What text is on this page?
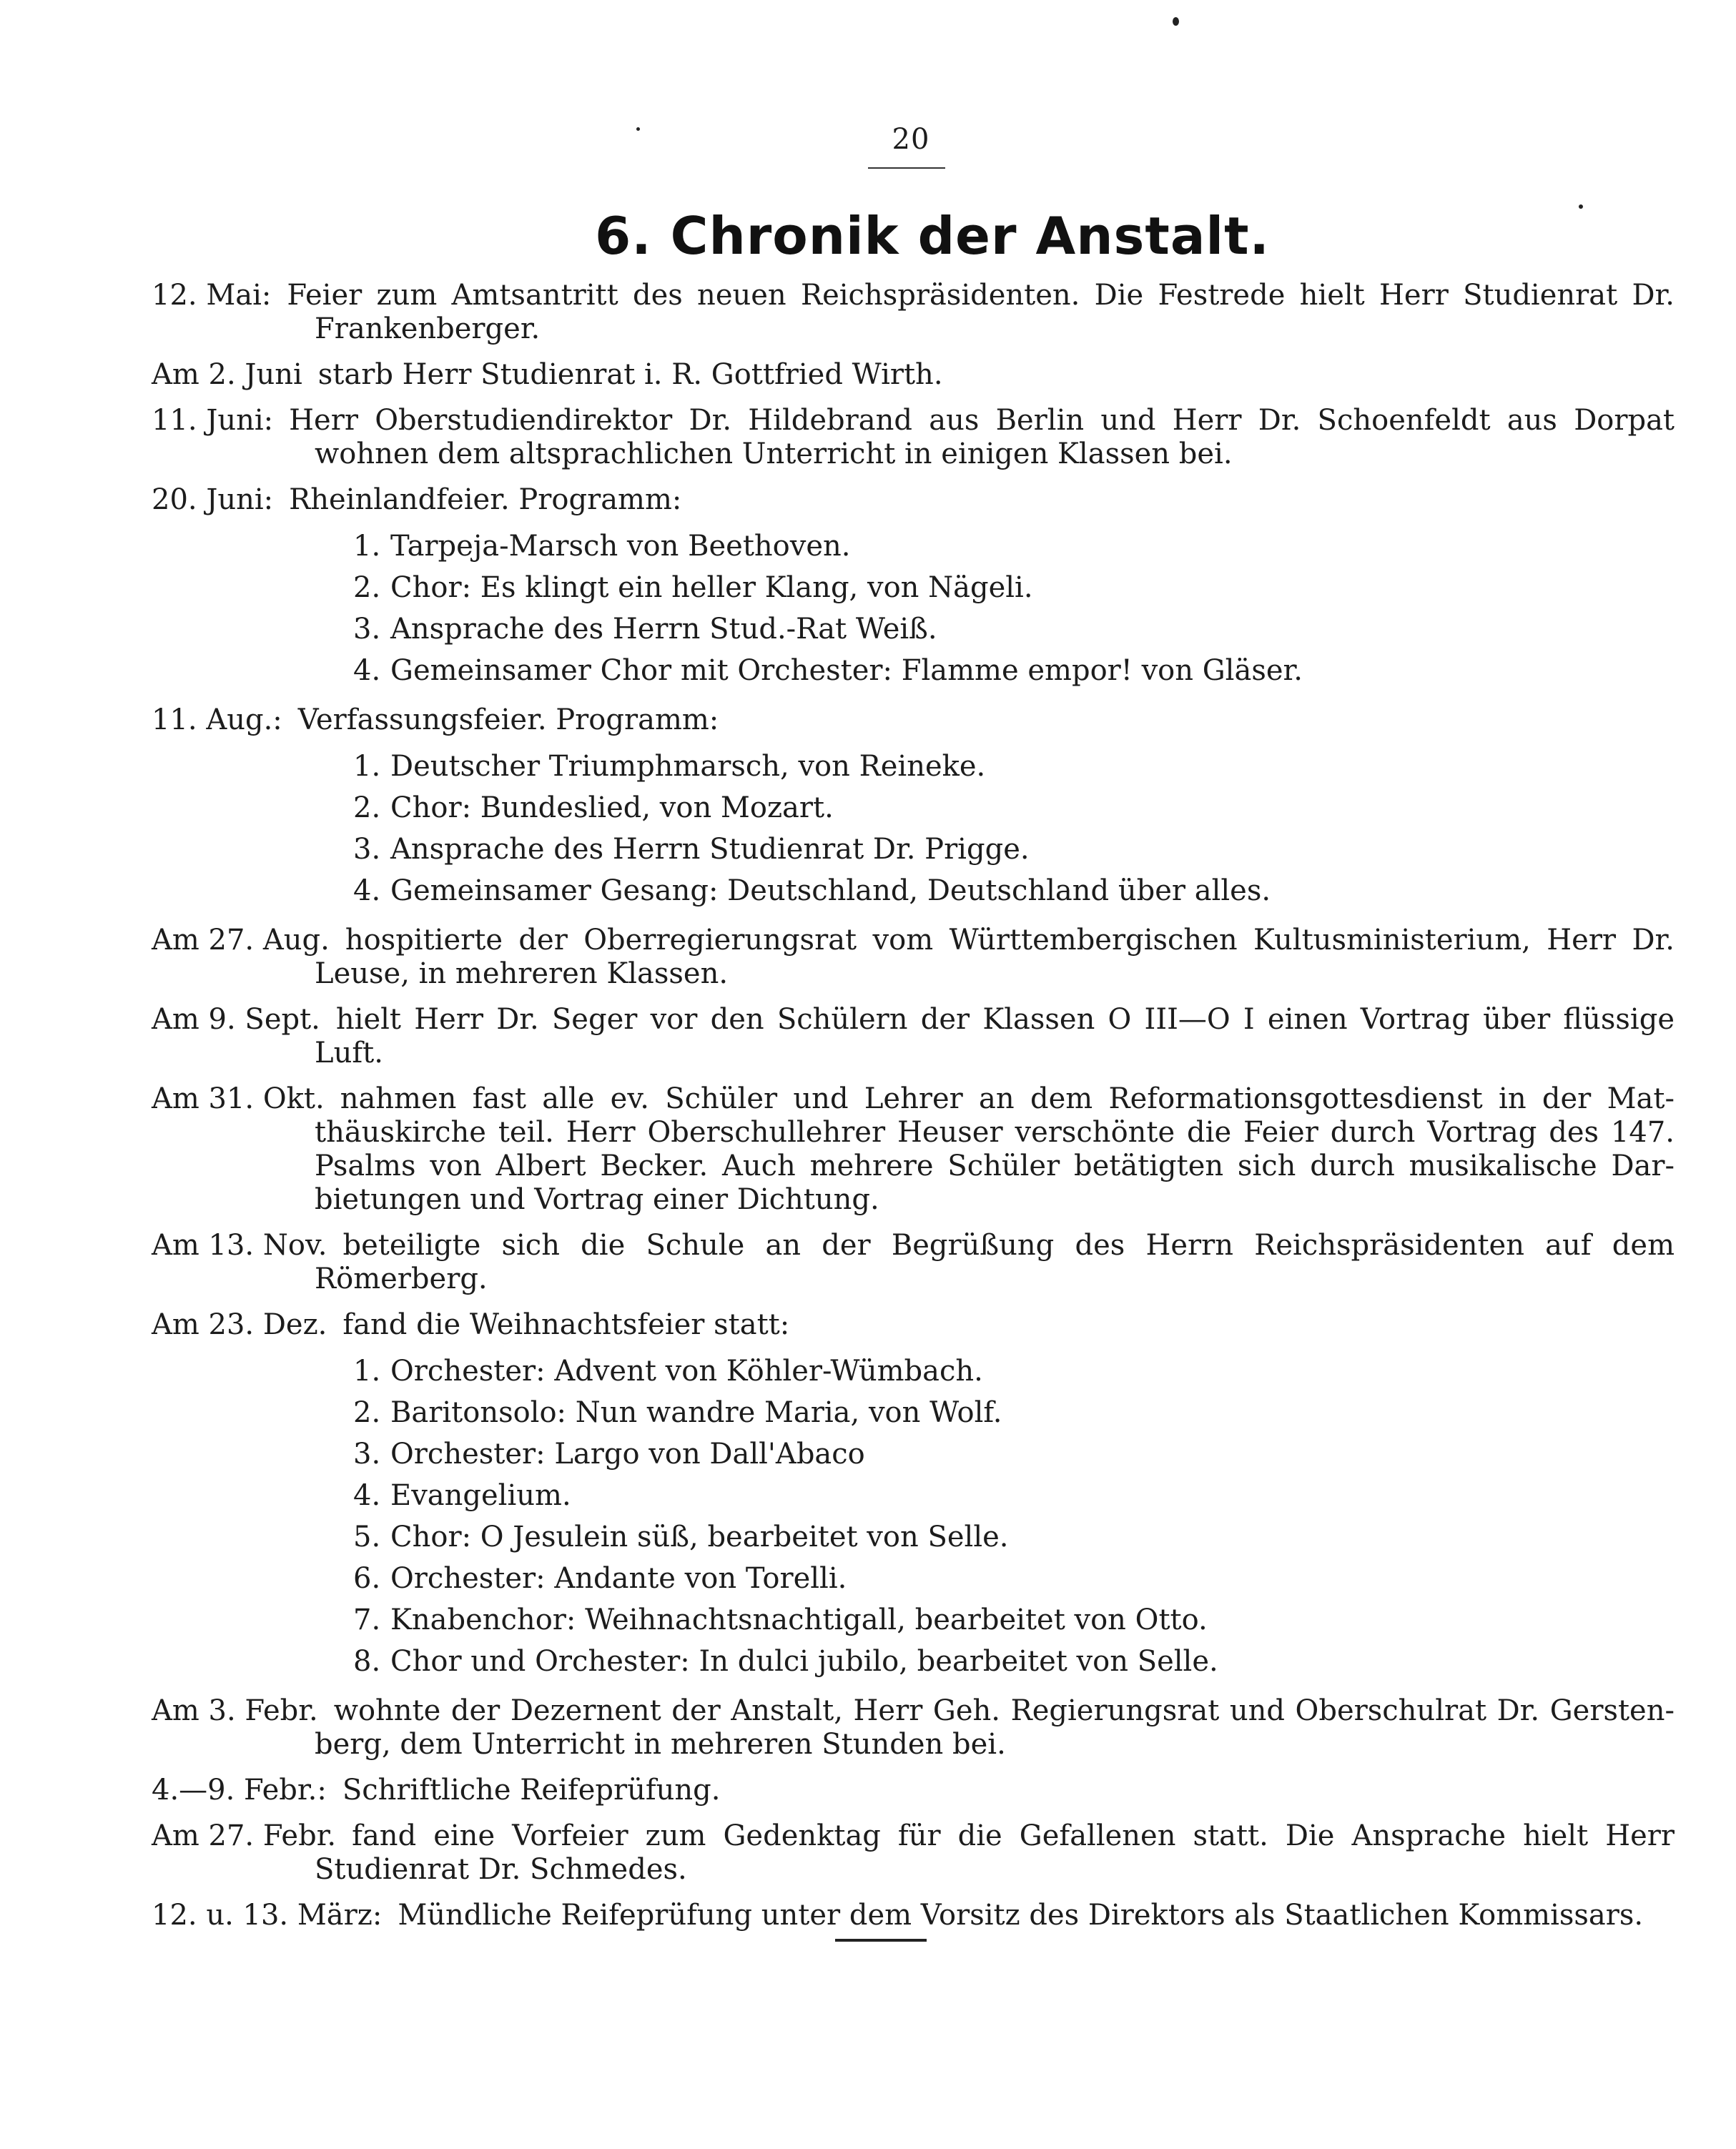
20
6. Chronik der Anstalt.
12. Mai: Feier zum Amtsantritt des neuen Reichspräsidenten. Die Festrede hielt Herr Studienrat Dr.
Frankenberger.
Am 2. Juni starb Herr Studienrat i. R. Gottfried Wirth.
11. Juni: Herr Oberstudiendirektor Dr. Hildebrand aus Berlin und Herr Dr. Schoenfeldt aus Dorpat
wohnen dem altsprachlichen Unterricht in einigen Klassen bei.
20. Juni: Rheinlandfeier. Programm:
1. Tarpeja-Marsch von Beethoven.
2. Chor: Es klingt ein heller Klang, von Nägeli.
3. Ansprache des Herrn Stud.-Rat Weiß.
4. Gemeinsamer Chor mit Orchester: Flamme empor! von Gläser.
11. Aug.: Verfassungsfeier. Programm:
1. Deutscher Triumphmarsch, von Reineke.
2. Chor: Bundeslied, von Mozart.
3. Ansprache des Herrn Studienrat Dr. Prigge.
4. Gemeinsamer Gesang: Deutschland, Deutschland über alles.
Am 27. Aug. hospitierte der Oberregierungsrat vom Württembergischen Kultusministerium, Herr Dr.
Leuse, in mehreren Klassen.
Am 9. Sept. hielt Herr Dr. Seger vor den Schülern der Klassen O III—O I einen Vortrag über flüssige
Luft.
Am 31. Okt. nahmen fast alle ev. Schüler und Lehrer an dem Reformationsgottesdienst in der Mat-
thäuskirche teil. Herr Oberschullehrer Heuser verschönte die Feier durch Vortrag des 147. Psalms von Albert Becker. Auch mehrere Schüler betätigten sich durch musikalische Dar-bietungen und Vortrag einer Dichtung.
Am 13. Nov. beteiligte sich die Schule an der Begrüßung des Herrn Reichspräsidenten auf dem
Römerberg.
Am 23. Dez. fand die Weihnachtsfeier statt:
1. Orchester: Advent von Köhler-Wümbach.
2. Baritonsolo: Nun wandre Maria, von Wolf.
3. Orchester: Largo von Dall'Abaco
4. Evangelium.
5. Chor: O Jesulein süß, bearbeitet von Selle.
6. Orchester: Andante von Torelli.
7. Knabenchor: Weihnachtsnachtigall, bearbeitet von Otto.
8. Chor und Orchester: In dulci jubilo, bearbeitet von Selle.
Am 3. Febr. wohnte der Dezernent der Anstalt, Herr Geh. Regierungsrat und Oberschulrat Dr. Gersten-
berg, dem Unterricht in mehreren Stunden bei.
4.—9. Febr.: Schriftliche Reifeprüfung.
Am 27. Febr. fand eine Vorfeier zum Gedenktag für die Gefallenen statt. Die Ansprache hielt Herr
Studienrat Dr. Schmedes.
12. u. 13. März: Mündliche Reifeprüfung unter dem Vorsitz des Direktors als Staatlichen Kommissars.
